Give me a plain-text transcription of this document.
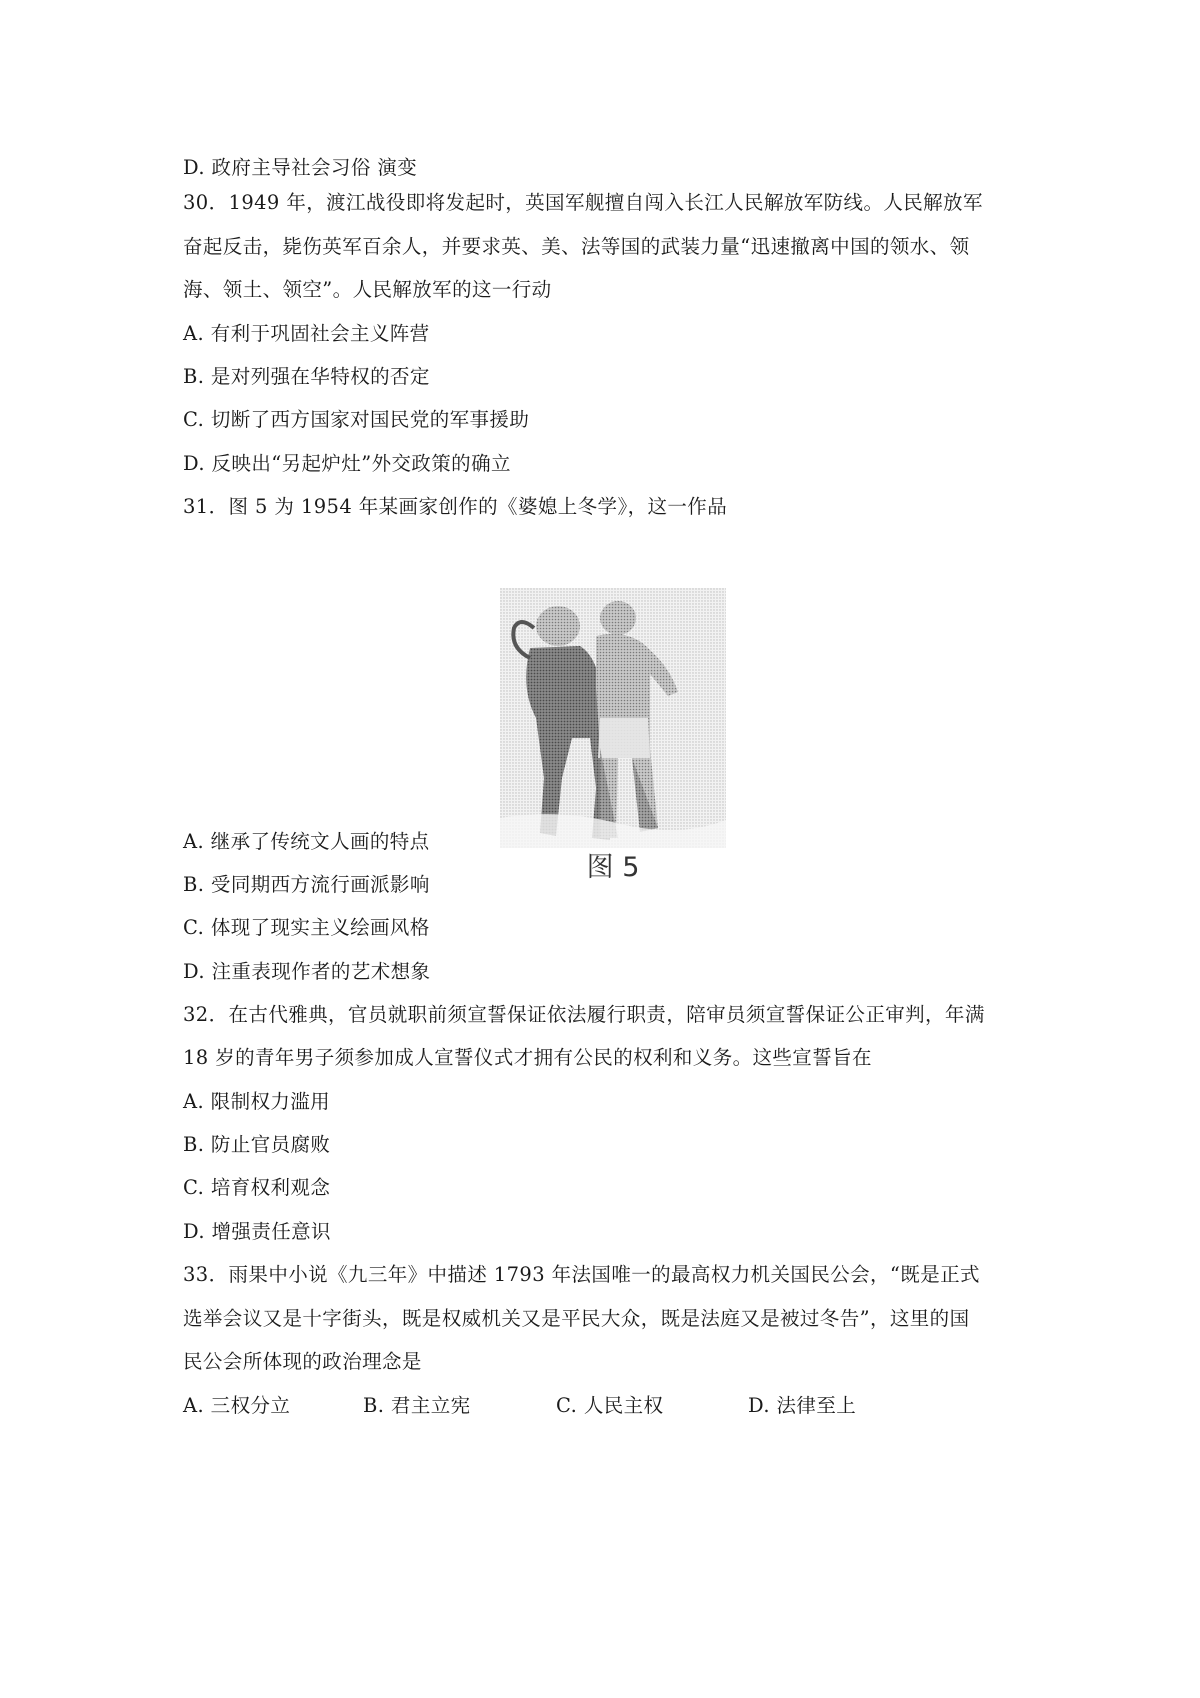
D. 政府主导社会习俗 演变
30．1949 年，渡江战役即将发起时，英国军舰擅自闯入长江人民解放军防线。人民解放军
奋起反击，毙伤英军百余人，并要求英、美、法等国的武装力量“迅速撤离中国的领水、领
海、领土、领空”。人民解放军的这一行动
A. 有利于巩固社会主义阵营
B. 是对列强在华特权的否定
C. 切断了西方国家对国民党的军事援助
D. 反映出“另起炉灶”外交政策的确立
31．图 5 为 1954 年某画家创作的《婆媳上冬学》，这一作品
图 5
A. 继承了传统文人画的特点
B. 受同期西方流行画派影响
C. 体现了现实主义绘画风格
D. 注重表现作者的艺术想象
32．在古代雅典，官员就职前须宣誓保证依法履行职责，陪审员须宣誓保证公正审判，年满
18 岁的青年男子须参加成人宣誓仪式才拥有公民的权利和义务。这些宣誓旨在
A. 限制权力滥用
B. 防止官员腐败
C. 培育权利观念
D. 增强责任意识
33．雨果中小说《九三年》中描述 1793 年法国唯一的最高权力机关国民公会，“既是正式
选举会议又是十字街头，既是权威机关又是平民大众，既是法庭又是被过冬告”，这里的国
民公会所体现的政治理念是
A. 三权分立	B. 君主立宪	C. 人民主权	D. 法律至上
